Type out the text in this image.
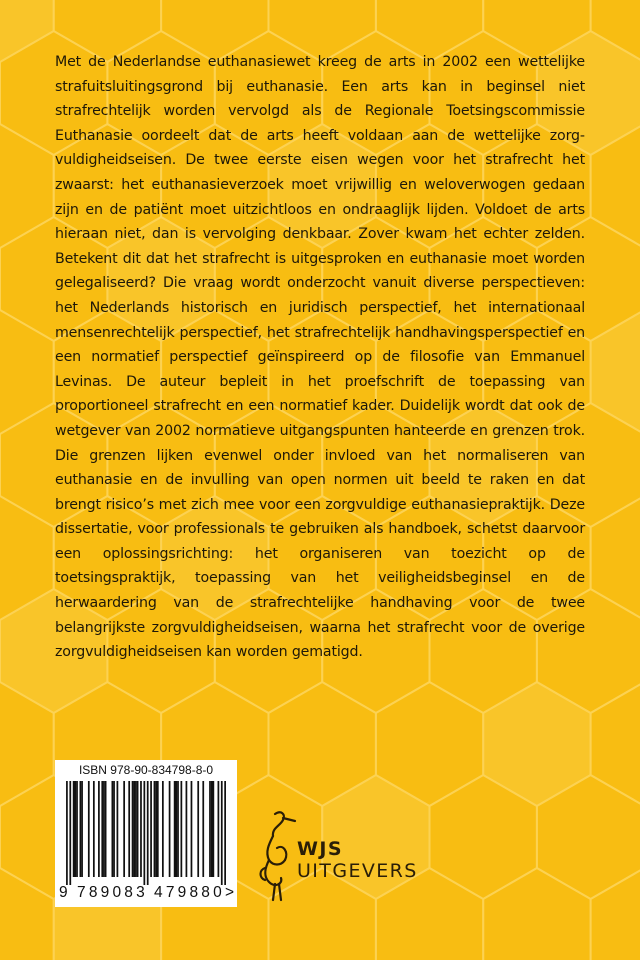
Met de Nederlandse euthanasiewet kreeg de arts in 2002 een wettelijke strafuitsluitingsgrond bij euthanasie. Een arts kan in beginsel niet strafrechtelijk worden vervolgd als de Regionale Toetsingscommissie Euthanasie oordeelt dat de arts heeft voldaan aan de wettelijke zorgvuldigheidseisen. De twee eerste eisen wegen voor het strafrecht het zwaarst: het euthanasieverzoek moet vrijwillig en weloverwogen gedaan zijn en de patiënt moet uitzichtloos en ondraaglijk lijden. Voldoet de arts hieraan niet, dan is vervolging denkbaar. Zover kwam het echter zelden. Betekent dit dat het strafrecht is uitgesproken en euthanasie moet worden gelegaliseerd? Die vraag wordt onderzocht vanuit diverse perspectieven: het Nederlands historisch en juridisch perspectief, het internationaal mensenrechtelijk perspectief, het strafrechtelijk handhavingsperspectief en een normatief perspectief geïnspireerd op de filosofie van Emmanuel Levinas. De auteur bepleit in het proefschrift de toepassing van proportioneel strafrecht en een normatief kader. Duidelijk wordt dat ook de wetgever van 2002 normatieve uitgangspunten hanteerde en grenzen trok. Die grenzen lijken evenwel onder invloed van het normaliseren van euthanasie en de invulling van open normen uit beeld te raken en dat brengt risico’s met zich mee voor een zorgvuldige euthanasiepraktijk. Deze dissertatie, voor professionals te gebruiken als handboek, schetst daarvoor een oplossingsrichting: het organiseren van toezicht op de toetsingspraktijk, toepassing van het veiligheidsbeginsel en de herwaardering van de strafrechtelijke handhaving voor de twee belangrijkste zorgvuldigheidseisen, waarna het strafrecht voor de overige zorgvuldigheidseisen kan worden gematigd.

ISBN 978-90-834798-8-0
9 789083 479880 >
WJS
UITGEVERS
